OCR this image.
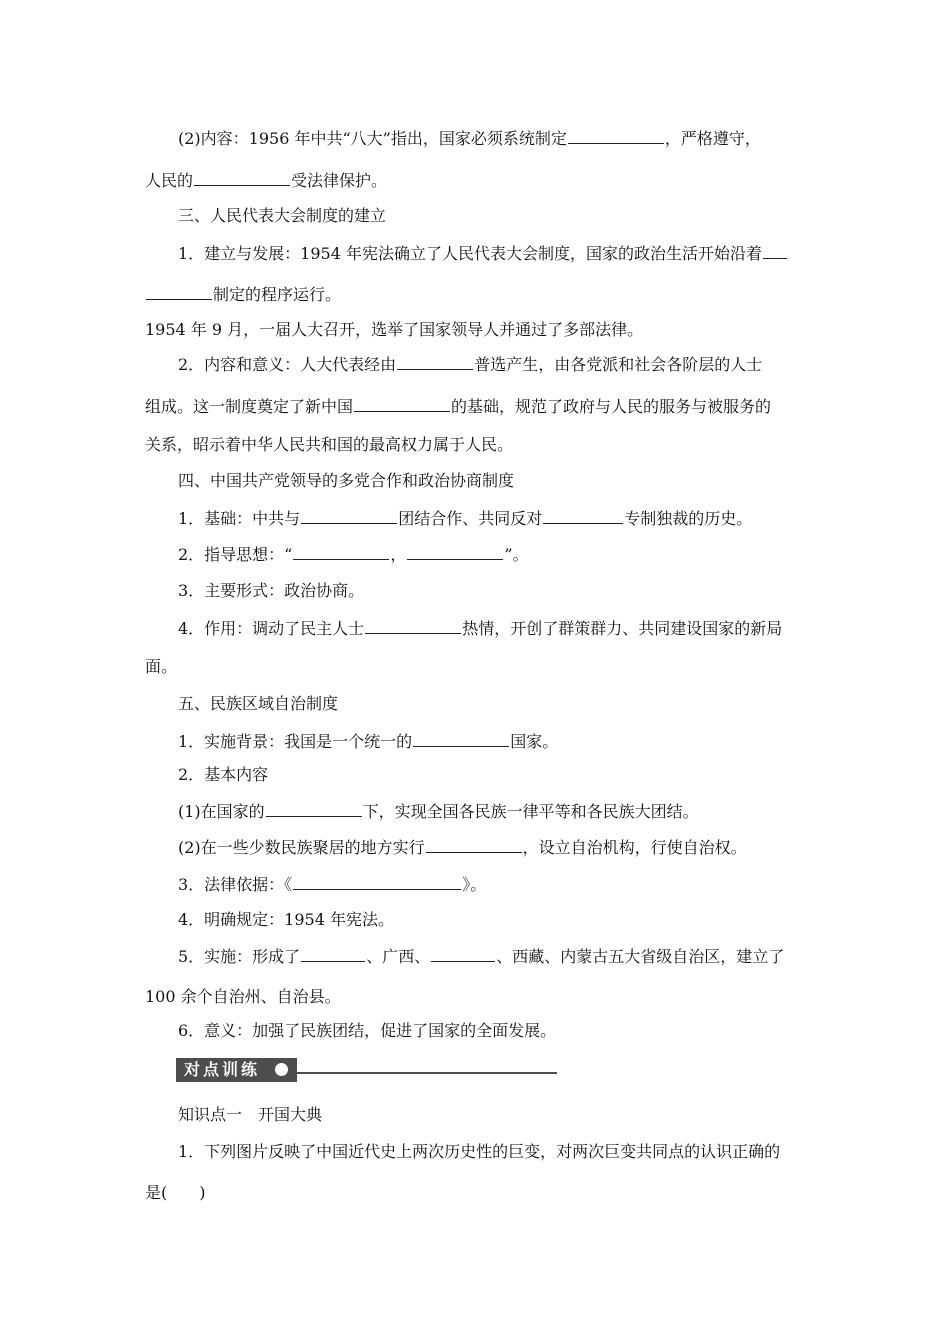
(2)内容：1956 年中共“八大”指出，国家必须系统制定	，严格遵守，
人民的	受法律保护。
三、人民代表大会制度的建立
1．建立与发展：1954 年宪法确立了人民代表大会制度，国家的政治生活开始沿着
制定的程序运行。
1954 年 9 月，一届人大召开，选举了国家领导人并通过了多部法律。
2．内容和意义：人大代表经由	普选产生，由各党派和社会各阶层的人士
组成。这一制度奠定了新中国	的基础，规范了政府与人民的服务与被服务的
关系，昭示着中华人民共和国的最高权力属于人民。
四、中国共产党领导的多党合作和政治协商制度
1．基础：中共与	团结合作、共同反对	专制独裁的历史。
2．指导思想：“	，	”。
3．主要形式：政治协商。
4．作用：调动了民主人士	热情，开创了群策群力、共同建设国家的新局
面。
五、民族区域自治制度
1．实施背景：我国是一个统一的	国家。
2．基本内容
(1)在国家的	下，实现全国各民族一律平等和各民族大团结。
(2)在一些少数民族聚居的地方实行	，设立自治机构，行使自治权。
3．法律依据：《	》。
4．明确规定：1954 年宪法。
5．实施：形成了	、广西、	、西藏、内蒙古五大省级自治区，建立了
100 余个自治州、自治县。
6．意义：加强了民族团结，促进了国家的全面发展。
对点训练
知识点一　开国大典
1．下列图片反映了中国近代史上两次历史性的巨变，对两次巨变共同点的认识正确的
是(　　)
